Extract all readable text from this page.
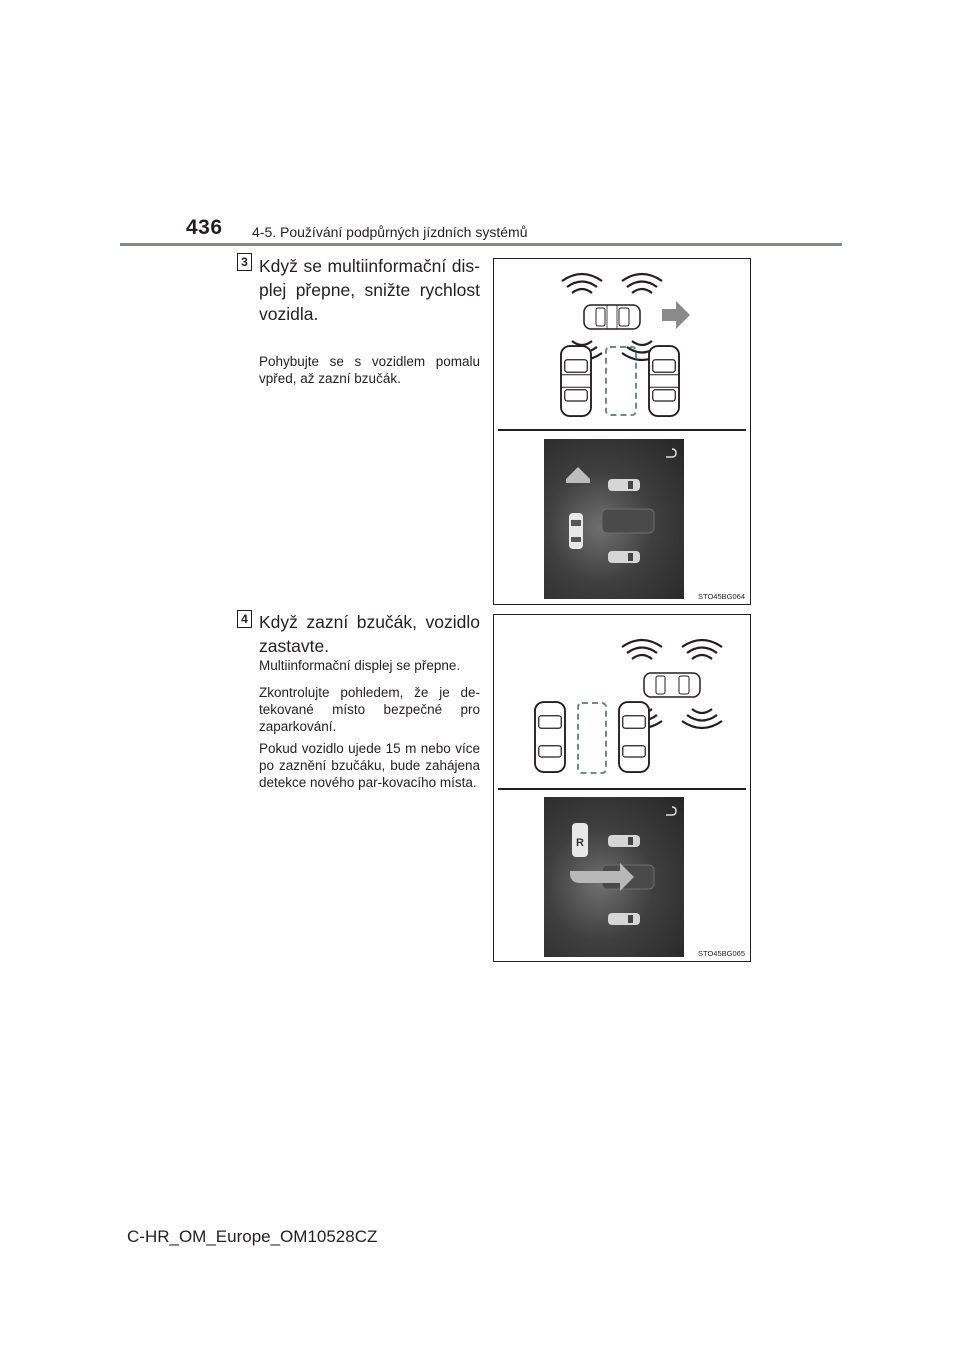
436 4-5. Používání podpůrných jízdních systémů
3 Když se multiinformační dis-plej přepne, snižte rychlost vozidla.

Pohybujte se s vozidlem pomalu vpřed, až zazní bzučák.

STO45BG064
4 Když zazní bzučák, vozidlo zastavte.

Multiinformační displej se přepne.

Zkontrolujte pohledem, že je de-tekované místo bezpečné pro zaparkování.

Pokud vozidlo ujede 15 m nebo více po zaznění bzučáku, bude zahájena detekce nového par-kovacího místa.

R
STO45BG065
C-HR_OM_Europe_OM10528CZ
